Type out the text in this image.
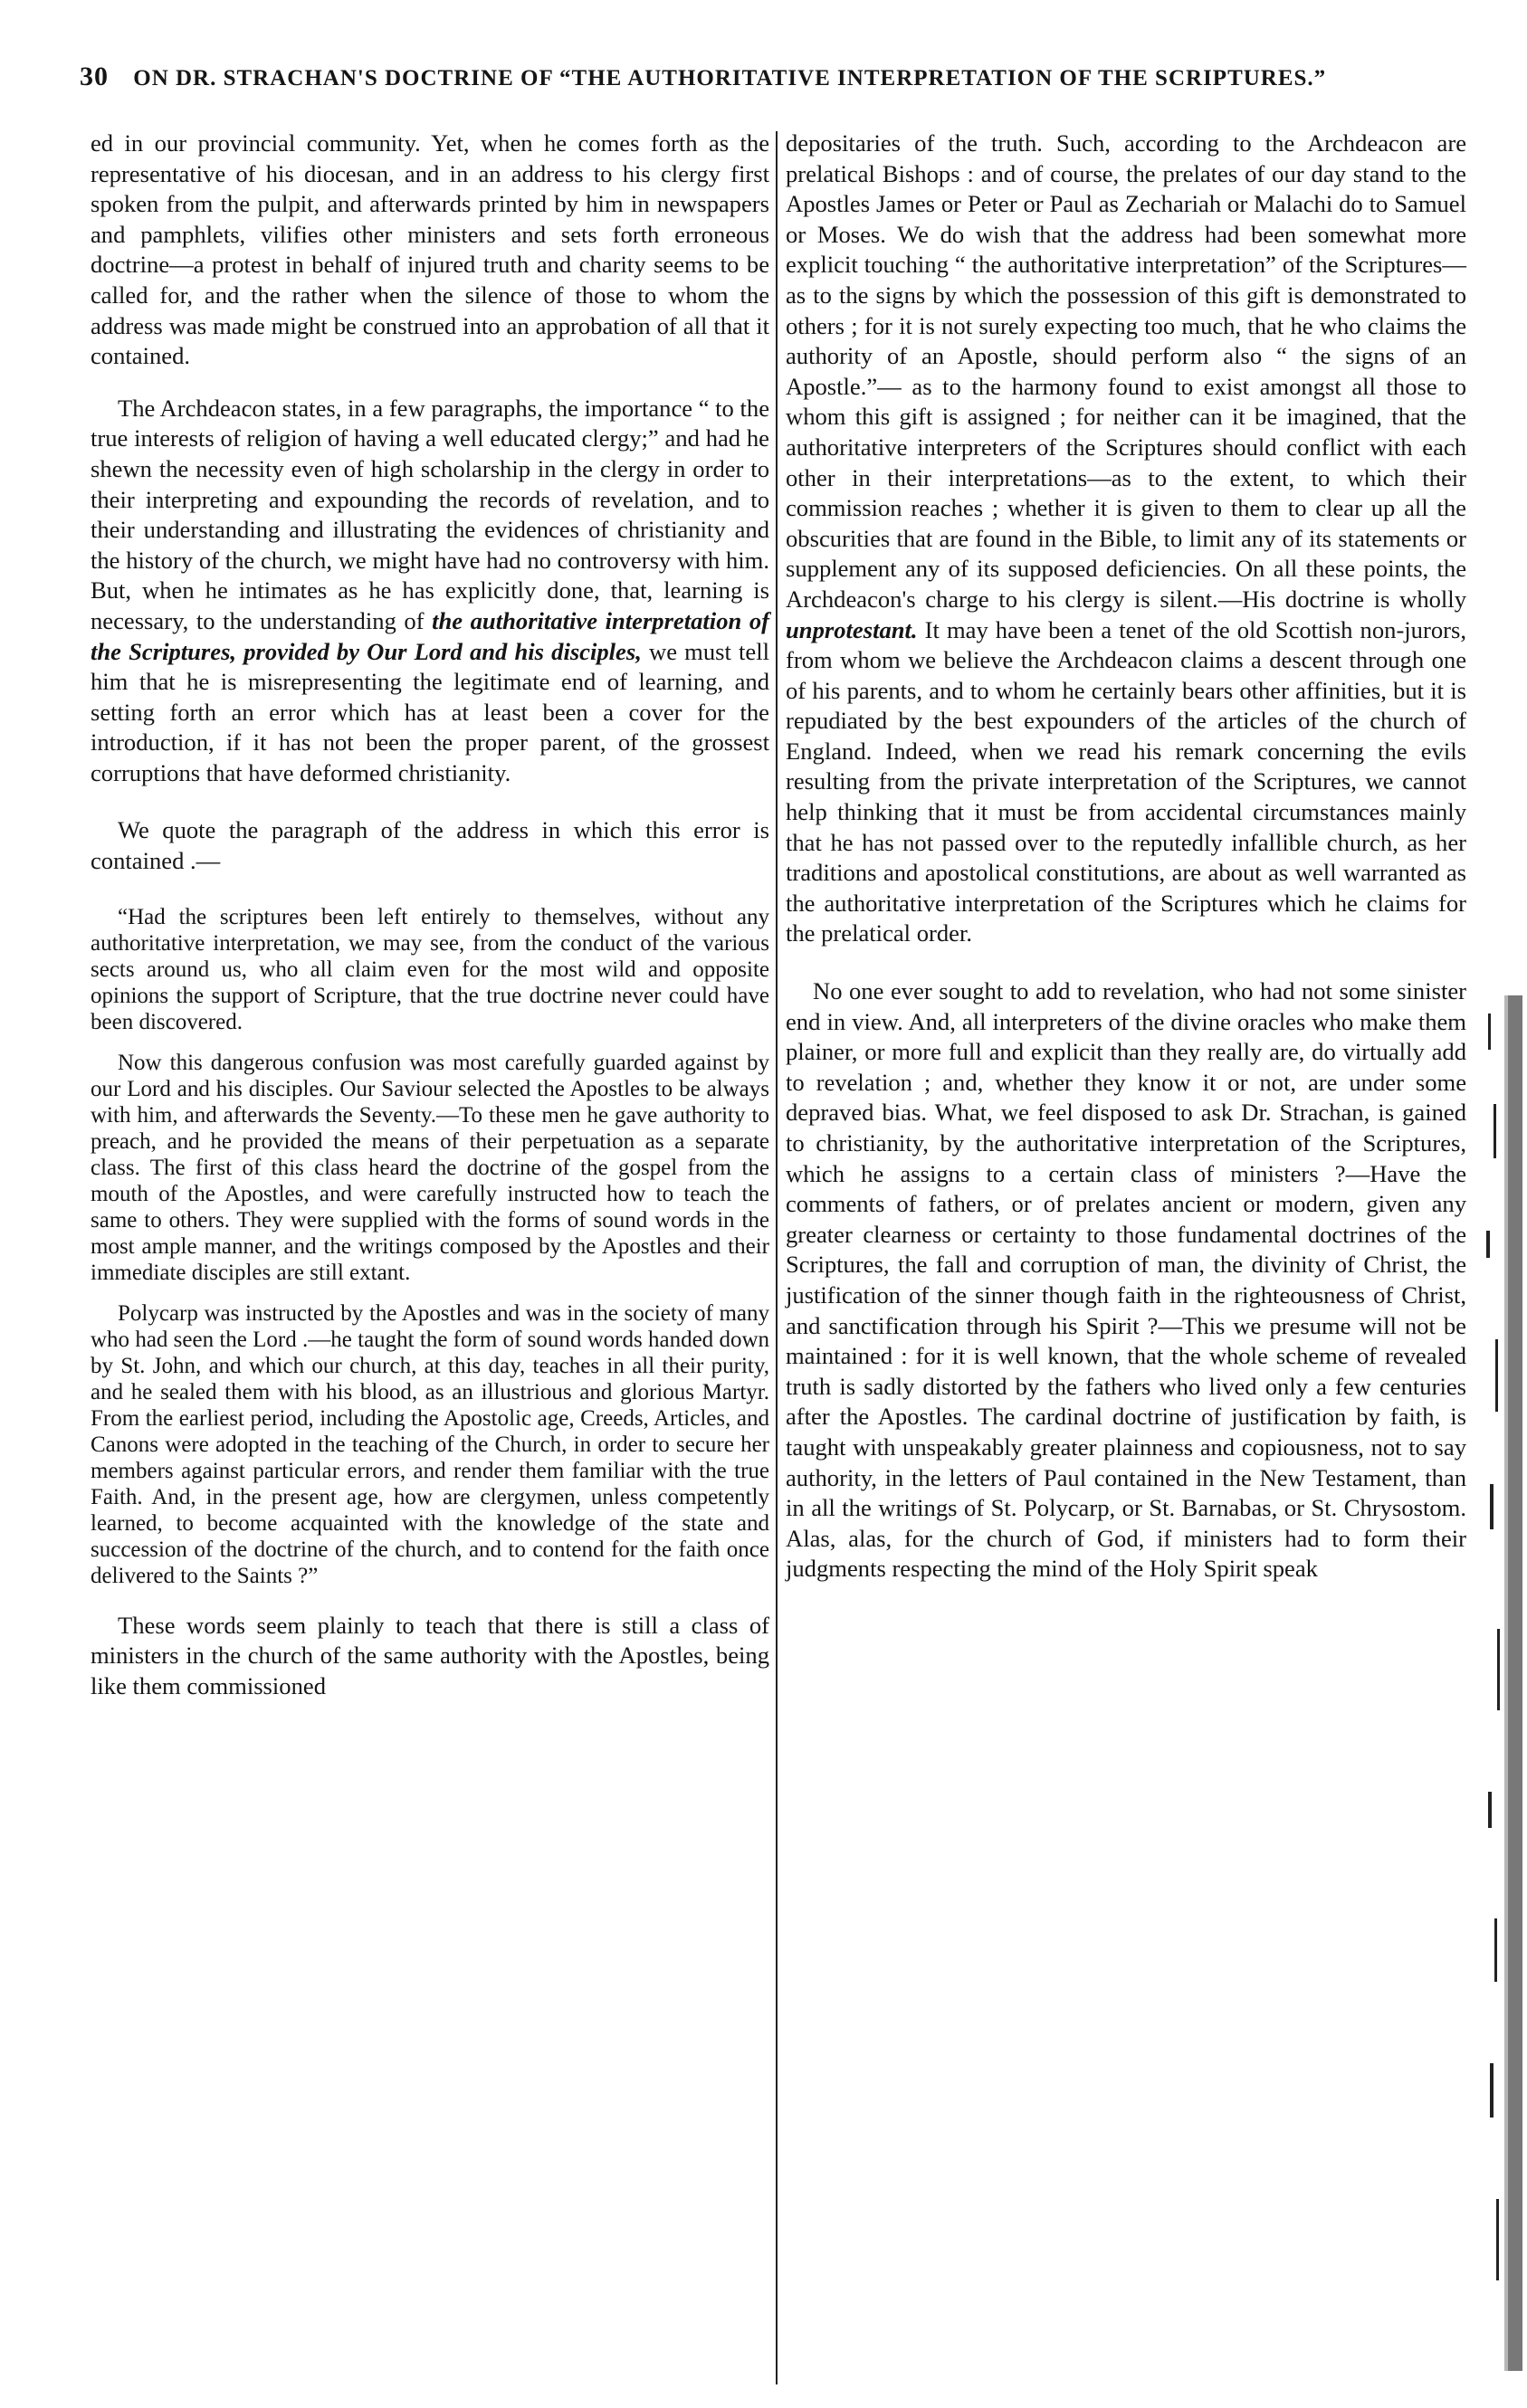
30 ON DR. STRACHAN'S DOCTRINE OF “THE AUTHORITATIVE INTERPRETATION OF THE SCRIPTURES.”

ed in our provincial community. Yet, when he comes forth as the representative of his diocesan, and in an address to his clergy first spoken from the pulpit, and afterwards printed by him in newspapers and pamphlets, vilifies other ministers and sets forth erroneous doctrine—a protest in behalf of injured truth and charity seems to be called for, and the rather when the silence of those to whom the address was made might be construed into an approbation of all that it contained.

The Archdeacon states, in a few paragraphs, the importance “ to the true interests of religion of having a well educated clergy;” and had he shewn the necessity even of high scholarship in the clergy in order to their interpreting and expounding the records of revelation, and to their understanding and illustrating the evidences of christianity and the history of the church, we might have had no controversy with him. But, when he intimates as he has explicitly done, that, learning is necessary, to the understanding of the authoritative interpretation of the Scriptures, provided by Our Lord and his disciples, we must tell him that he is misrepresenting the legitimate end of learning, and setting forth an error which has at least been a cover for the introduction, if it has not been the proper parent, of the grossest corruptions that have deformed christianity.

We quote the paragraph of the address in which this error is contained .—

“Had the scriptures been left entirely to themselves, without any authoritative interpretation, we may see, from the conduct of the various sects around us, who all claim even for the most wild and opposite opinions the support of Scripture, that the true doctrine never could have been discovered.

Now this dangerous confusion was most carefully guarded against by our Lord and his disciples. Our Saviour selected the Apostles to be always with him, and afterwards the Seventy.—To these men he gave authority to preach, and he provided the means of their perpetuation as a separate class. The first of this class heard the doctrine of the gospel from the mouth of the Apostles, and were carefully instructed how to teach the same to others. They were supplied with the forms of sound words in the most ample manner, and the writings composed by the Apostles and their immediate disciples are still extant.

Polycarp was instructed by the Apostles and was in the society of many who had seen the Lord .—he taught the form of sound words handed down by St. John, and which our church, at this day, teaches in all their purity, and he sealed them with his blood, as an illustrious and glorious Martyr. From the earliest period, including the Apostolic age, Creeds, Articles, and Canons were adopted in the teaching of the Church, in order to secure her members against particular errors, and render them familiar with the true Faith. And, in the present age, how are clergymen, unless competently learned, to become acquainted with the knowledge of the state and succession of the doctrine of the church, and to contend for the faith once delivered to the Saints ?”

These words seem plainly to teach that there is still a class of ministers in the church of the same authority with the Apostles, being like them commissioned

depositaries of the truth. Such, according to the Archdeacon are prelatical Bishops : and of course, the prelates of our day stand to the Apostles James or Peter or Paul as Zechariah or Malachi do to Samuel or Moses. We do wish that the address had been somewhat more explicit touching “ the authoritative interpretation” of the Scriptures—as to the signs by which the possession of this gift is demonstrated to others ; for it is not surely expecting too much, that he who claims the authority of an Apostle, should perform also “ the signs of an Apostle.”— as to the harmony found to exist amongst all those to whom this gift is assigned ; for neither can it be imagined, that the authoritative interpreters of the Scriptures should conflict with each other in their interpretations—as to the extent, to which their commission reaches ; whether it is given to them to clear up all the obscurities that are found in the Bible, to limit any of its statements or supplement any of its supposed deficiencies. On all these points, the Archdeacon's charge to his clergy is silent.—His doctrine is wholly unprotestant. It may have been a tenet of the old Scottish non-jurors, from whom we believe the Archdeacon claims a descent through one of his parents, and to whom he certainly bears other affinities, but it is repudiated by the best expounders of the articles of the church of England. Indeed, when we read his remark concerning the evils resulting from the private interpretation of the Scriptures, we cannot help thinking that it must be from accidental circumstances mainly that he has not passed over to the reputedly infallible church, as her traditions and apostolical constitutions, are about as well warranted as the authoritative interpretation of the Scriptures which he claims for the prelatical order.

No one ever sought to add to revelation, who had not some sinister end in view. And, all interpreters of the divine oracles who make them plainer, or more full and explicit than they really are, do virtually add to revelation ; and, whether they know it or not, are under some depraved bias. What, we feel disposed to ask Dr. Strachan, is gained to christianity, by the authoritative interpretation of the Scriptures, which he assigns to a certain class of ministers ?—Have the comments of fathers, or of prelates ancient or modern, given any greater clearness or certainty to those fundamental doctrines of the Scriptures, the fall and corruption of man, the divinity of Christ, the justification of the sinner though faith in the righteousness of Christ, and sanctification through his Spirit ?—This we presume will not be maintained : for it is well known, that the whole scheme of revealed truth is sadly distorted by the fathers who lived only a few centuries after the Apostles. The cardinal doctrine of justification by faith, is taught with unspeakably greater plainness and copiousness, not to say authority, in the letters of Paul contained in the New Testament, than in all the writings of St. Polycarp, or St. Barnabas, or St. Chrysostom. Alas, alas, for the church of God, if ministers had to form their judgments respecting the mind of the Holy Spirit speak
